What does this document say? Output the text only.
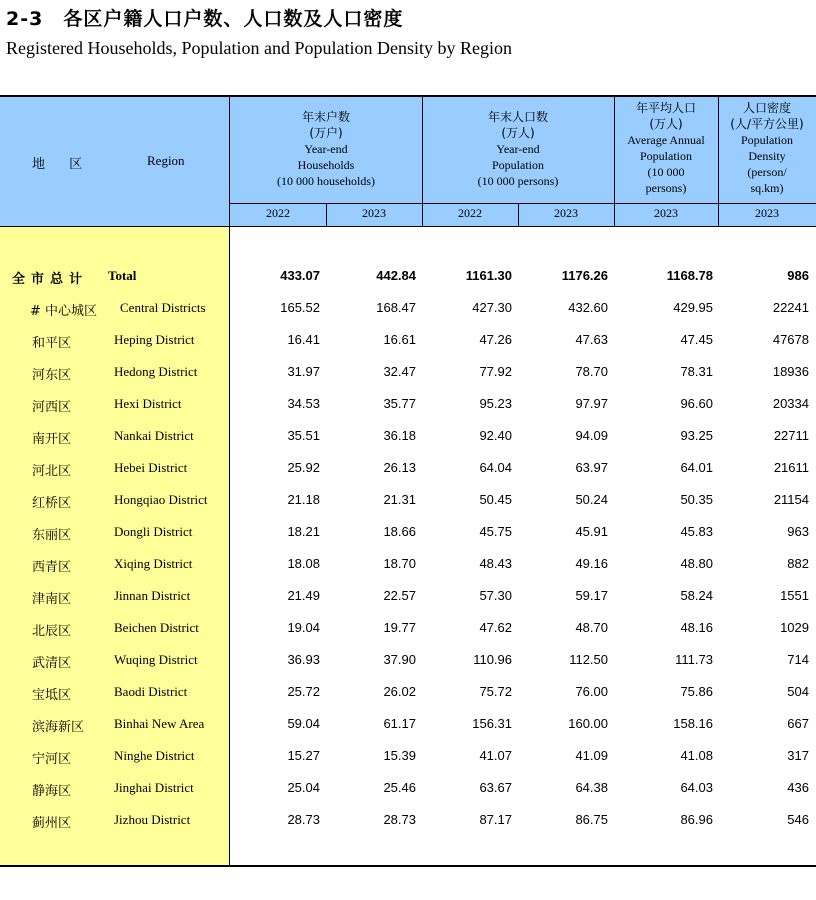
2-3　各区户籍人口户数、人口数及人口密度
Registered Households, Population and Population Density by Region
地 区	Region
年末户数
(万户)
Year-end
Households
(10 000 households)
年末人口数
(万人)
Year-end
Population
(10 000 persons)
年平均人口
(万人)
Average Annual
Population
(10 000
persons)
人口密度
(人/平方公里)
Population
Density
(person/
sq.km)
2022	2023	2022	2023	2023	2023
全市总计 Total	433.07	442.84	1161.30	1176.26	1168.78	986
# 中心城区 Central Districts	165.52	168.47	427.30	432.60	429.95	22241
和平区	Heping District	16.41	16.61	47.26	47.63	47.45	47678
河东区	Hedong District	31.97	32.47	77.92	78.70	78.31	18936
河西区	Hexi District	34.53	35.77	95.23	97.97	96.60	20334
南开区	Nankai District	35.51	36.18	92.40	94.09	93.25	22711
河北区	Hebei District	25.92	26.13	64.04	63.97	64.01	21611
红桥区	Hongqiao District	21.18	21.31	50.45	50.24	50.35	21154
东丽区	Dongli District	18.21	18.66	45.75	45.91	45.83	963
西青区	Xiqing District	18.08	18.70	48.43	49.16	48.80	882
津南区	Jinnan District	21.49	22.57	57.30	59.17	58.24	1551
北辰区	Beichen District	19.04	19.77	47.62	48.70	48.16	1029
武清区	Wuqing District	36.93	37.90	110.96	112.50	111.73	714
宝坻区	Baodi District	25.72	26.02	75.72	76.00	75.86	504
滨海新区 Binhai New Area	59.04	61.17	156.31	160.00	158.16	667
宁河区	Ninghe District	15.27	15.39	41.07	41.09	41.08	317
静海区	Jinghai District	25.04	25.46	63.67	64.38	64.03	436
蓟州区	Jizhou District	28.73	28.73	87.17	86.75	86.96	546
